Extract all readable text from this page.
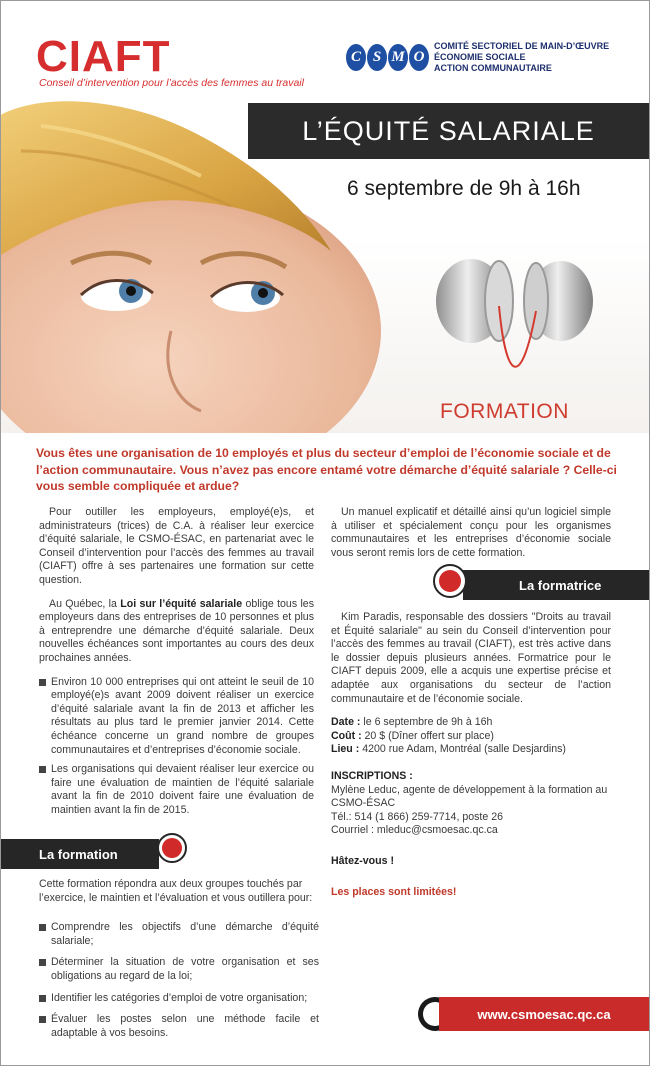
CIAFT
Conseil d’intervention pour l’accès des femmes au travail
C S M O
COMITÉ SECTORIEL DE MAIN-D’ŒUVRE
ÉCONOMIE SOCIALE
ACTION COMMUNAUTAIRE
L’ÉQUITÉ SALARIALE
6 septembre de 9h à 16h
FORMATION
Vous êtes une organisation de 10 employés et plus du secteur d’emploi de l’économie sociale et de l’action communautaire. Vous n’avez pas encore entamé votre démarche d’équité salariale ? Celle-ci vous semble compliquée et ardue?

Pour outiller les employeurs, employé(e)s, et administrateurs (trices) de C.A. à réaliser leur exercice d’équité salariale, le CSMO-ÉSAC, en partenariat avec le Conseil d’intervention pour l’accès des femmes au travail (CIAFT) offre à ses partenaires une formation sur cette question.

Au Québec, la Loi sur l’équité salariale oblige tous les employeurs dans des entreprises de 10 personnes et plus à entreprendre une démarche d’équité salariale. Deux nouvelles échéances sont importantes au cours des deux prochaines années.

Environ 10 000 entreprises qui ont atteint le seuil de 10 employé(e)s avant 2009 doivent réaliser un exercice d’équité salariale avant la fin de 2013 et afficher les résultats au plus tard le premier janvier 2014. Cette échéance concerne un grand nombre de groupes communautaires et d’entreprises d’économie sociale.
Les organisations qui devaient réaliser leur exercice ou faire une évaluation de maintien de l’équité salariale avant la fin de 2010 doivent faire une évaluation de maintien avant la fin de 2015.
La formation
Cette formation répondra aux deux groupes touchés par l’exercice, le maintien et l’évaluation et vous outillera pour:
Comprendre les objectifs d’une démarche d’équité salariale;
Déterminer la situation de votre organisation et ses obligations au regard de la loi;
Identifier les catégories d’emploi de votre organisation;
Évaluer les postes selon une méthode facile et adaptable à vos besoins.

Un manuel explicatif et détaillé ainsi qu’un logiciel simple à utiliser et spécialement conçu pour les organismes communautaires et les entreprises d’économie sociale vous seront remis lors de cette formation.

La formatrice

Kim Paradis, responsable des dossiers "Droits au travail et Équité salariale" au sein du Conseil d’intervention pour l’accès des femmes au travail (CIAFT), est très active dans le dossier depuis plusieurs années. Formatrice pour le CIAFT depuis 2009, elle a acquis une expertise précise et adaptée aux organisations du secteur de l’action communautaire et de l’économie sociale.

Date : le 6 septembre de 9h à 16h
Coût : 20 $ (Dîner offert sur place)
Lieu : 4200 rue Adam, Montréal (salle Desjardins)
INSCRIPTIONS :
Mylène Leduc, agente de développement à la formation au CSMO-ÉSAC
Tél.: 514 (1 866) 259-7714, poste 26
Courriel : mleduc@csmoesac.qc.ca
Hâtez-vous !
Les places sont limitées!
www.csmoesac.qc.ca
